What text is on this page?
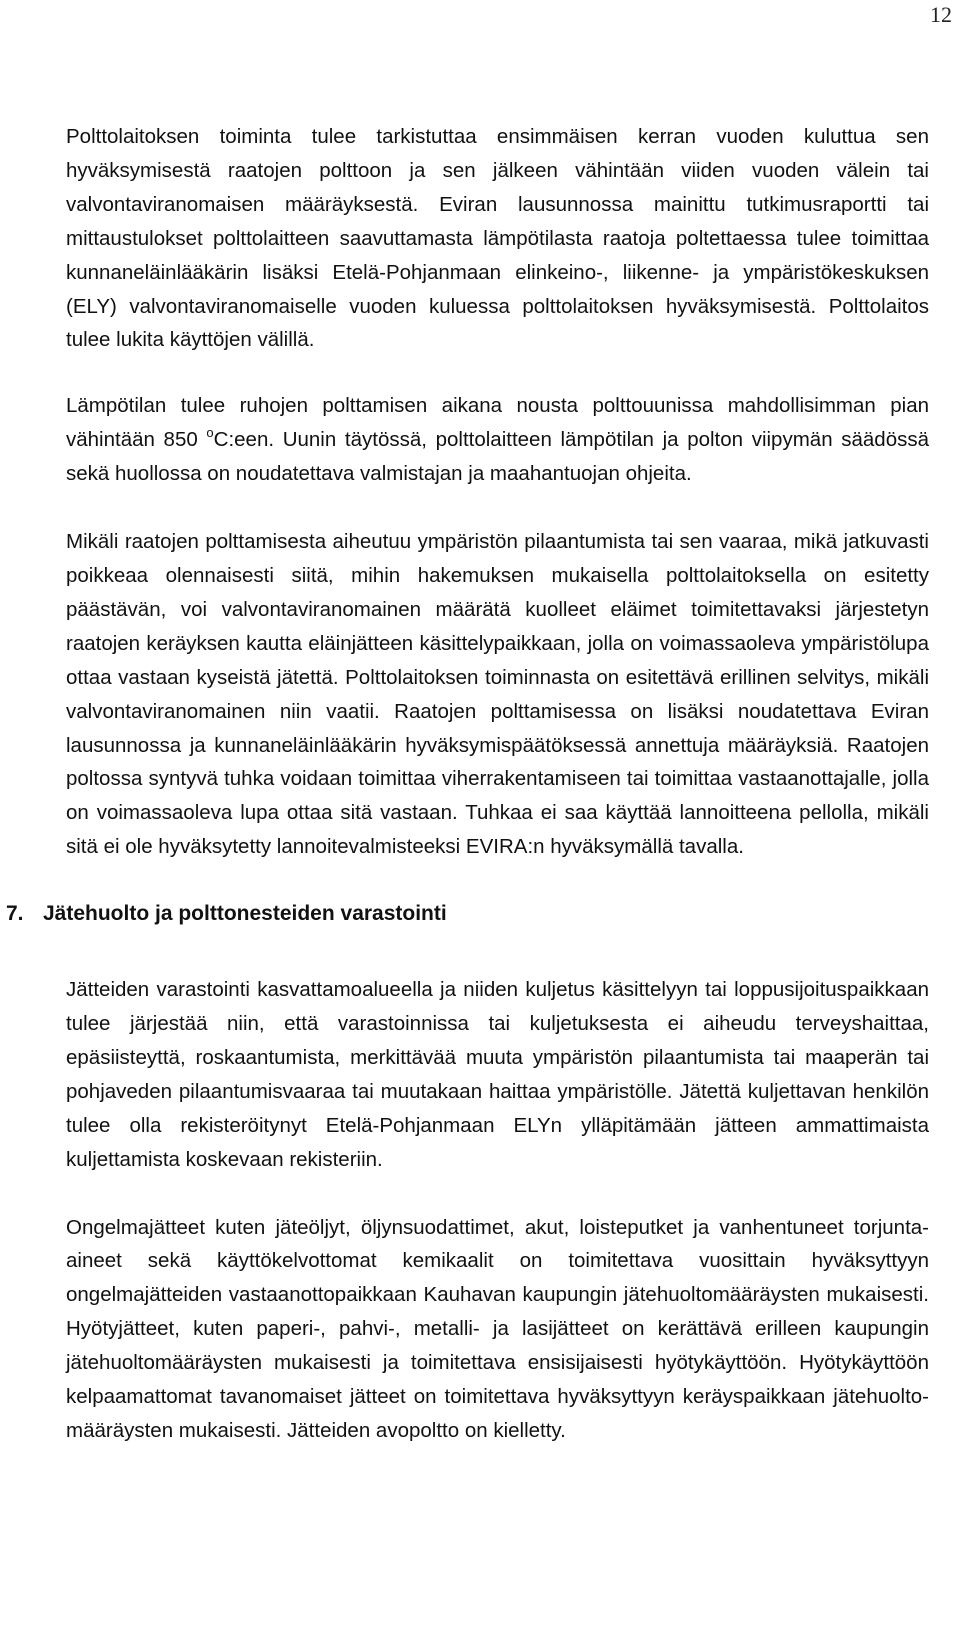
12

Polttolaitoksen toiminta tulee tarkistuttaa ensimmäisen kerran vuoden kuluttua sen hyväksymisestä raatojen polttoon ja sen jälkeen vähintään viiden vuoden välein tai valvontaviranomaisen määräyksestä. Eviran lausunnossa mainittu tutkimusraportti tai mittaustulokset polttolaitteen saavuttamasta lämpötilasta raatoja poltettaessa tulee toimittaa kunnaneläinlääkärin lisäksi Etelä-Pohjanmaan elinkeino-, liikenne- ja ympäristökeskuksen (ELY) valvontaviranomaiselle vuoden kuluessa polttolaitoksen hyväksymisestä. Polttolaitos tulee lukita käyttöjen välillä.

Lämpötilan tulee ruhojen polttamisen aikana nousta polttouunissa mahdollisimman pian vähintään 850 $^o$C:een. Uunin täytössä, polttolaitteen lämpötilan ja polton viipymän säädössä sekä huollossa on noudatettava valmistajan ja maahantuojan ohjeita.

Mikäli raatojen polttamisesta aiheutuu ympäristön pilaantumista tai sen vaaraa, mikä jatkuvasti poikkeaa olennaisesti siitä, mihin hakemuksen mukaisella polttolaitoksella on esitetty päästävän, voi valvontaviranomainen määrätä kuolleet eläimet toimitettavaksi järjestetyn raatojen keräyksen kautta eläinjätteen käsittelypaikkaan, jolla on voimassaoleva ympäristölupa ottaa vastaan kyseistä jätettä. Polttolaitoksen toiminnasta on esitettävä erillinen selvitys, mikäli valvontaviranomainen niin vaatii. Raatojen polttamisessa on lisäksi noudatettava Eviran lausunnossa ja kunnaneläinlääkärin hyväksymispäätöksessä annettuja määräyksiä. Raatojen poltossa syntyvä tuhka voidaan toimittaa viherrakentamiseen tai toimittaa vastaanottajalle, jolla on voimassaoleva lupa ottaa sitä vastaan. Tuhkaa ei saa käyttää lannoitteena pellolla, mikäli sitä ei ole hyväksytetty lannoitevalmisteeksi EVIRA:n hyväksymällä tavalla.

7. Jätehuolto ja polttonesteiden varastointi

Jätteiden varastointi kasvattamoalueella ja niiden kuljetus käsittelyyn tai loppusijoituspaikkaan tulee järjestää niin, että varastoinnissa tai kuljetuksesta ei aiheudu terveyshaittaa, epäsiisteyttä, roskaantumista, merkittävää muuta ympäristön pilaantumista tai maaperän tai pohjaveden pilaantumisvaaraa tai muutakaan haittaa ympäristölle. Jätettä kuljettavan henkilön tulee olla rekisteröitynyt Etelä-Pohjanmaan ELYn ylläpitämään jätteen ammattimaista kuljettamista koskevaan rekisteriin.

Ongelmajätteet kuten jäteöljyt, öljynsuodattimet, akut, loisteputket ja vanhentuneet torjunta-aineet sekä käyttökelvottomat kemikaalit on toimitettava vuosittain hyväksyttyyn ongelmajätteiden vastaanottopaikkaan Kauhavan kaupungin jätehuoltomääräysten mukaisesti. Hyötyjätteet, kuten paperi-, pahvi-, metalli- ja lasijätteet on kerättävä erilleen kaupungin jätehuoltomääräysten mukaisesti ja toimitettava ensisijaisesti hyötykäyttöön. Hyötykäyttöön kelpaamattomat tavanomaiset jätteet on toimitettava hyväksyttyyn keräyspaikkaan jätehuoltomääräysten mukaisesti. Jätteiden avopoltto on kielletty.
